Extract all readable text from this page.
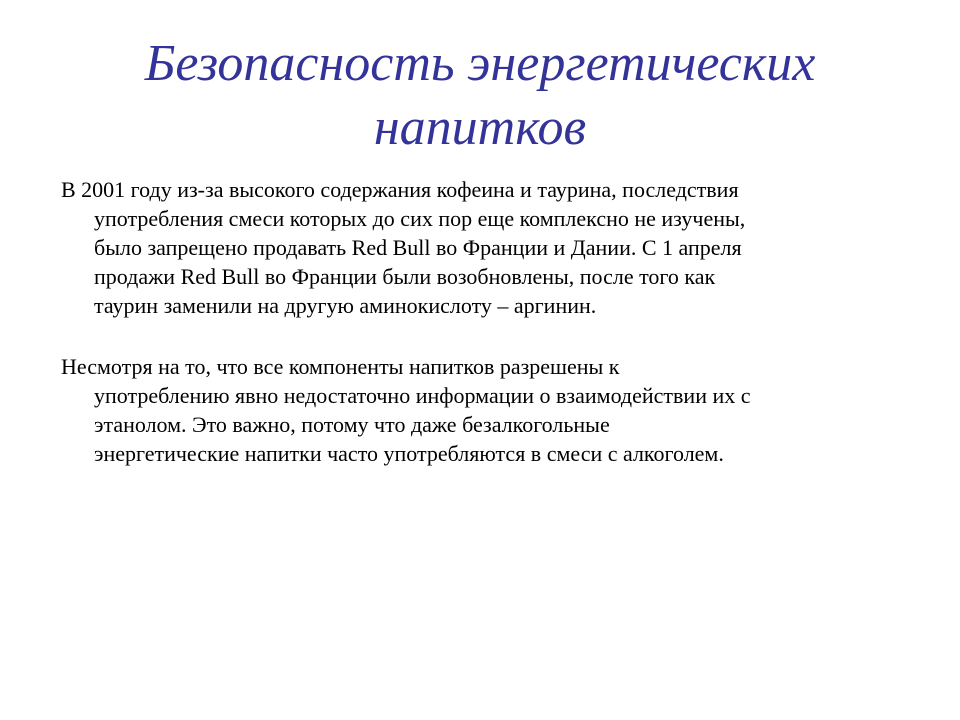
Безопасность энергетических
напитков

В 2001 году из-за высокого содержания кофеина и таурина, последствия
употребления смеси которых до сих пор еще комплексно не изучены,
было запрещено продавать Red Bull во Франции и Дании. С 1 апреля
продажи Red Bull во Франции были возобновлены, после того как
таурин заменили на другую аминокислоту – аргинин.

Несмотря на то, что все компоненты напитков разрешены к
употреблению явно недостаточно информации о взаимодействии их с
этанолом. Это важно, потому что даже безалкогольные
энергетические напитки часто употребляются в смеси с алкоголем.
